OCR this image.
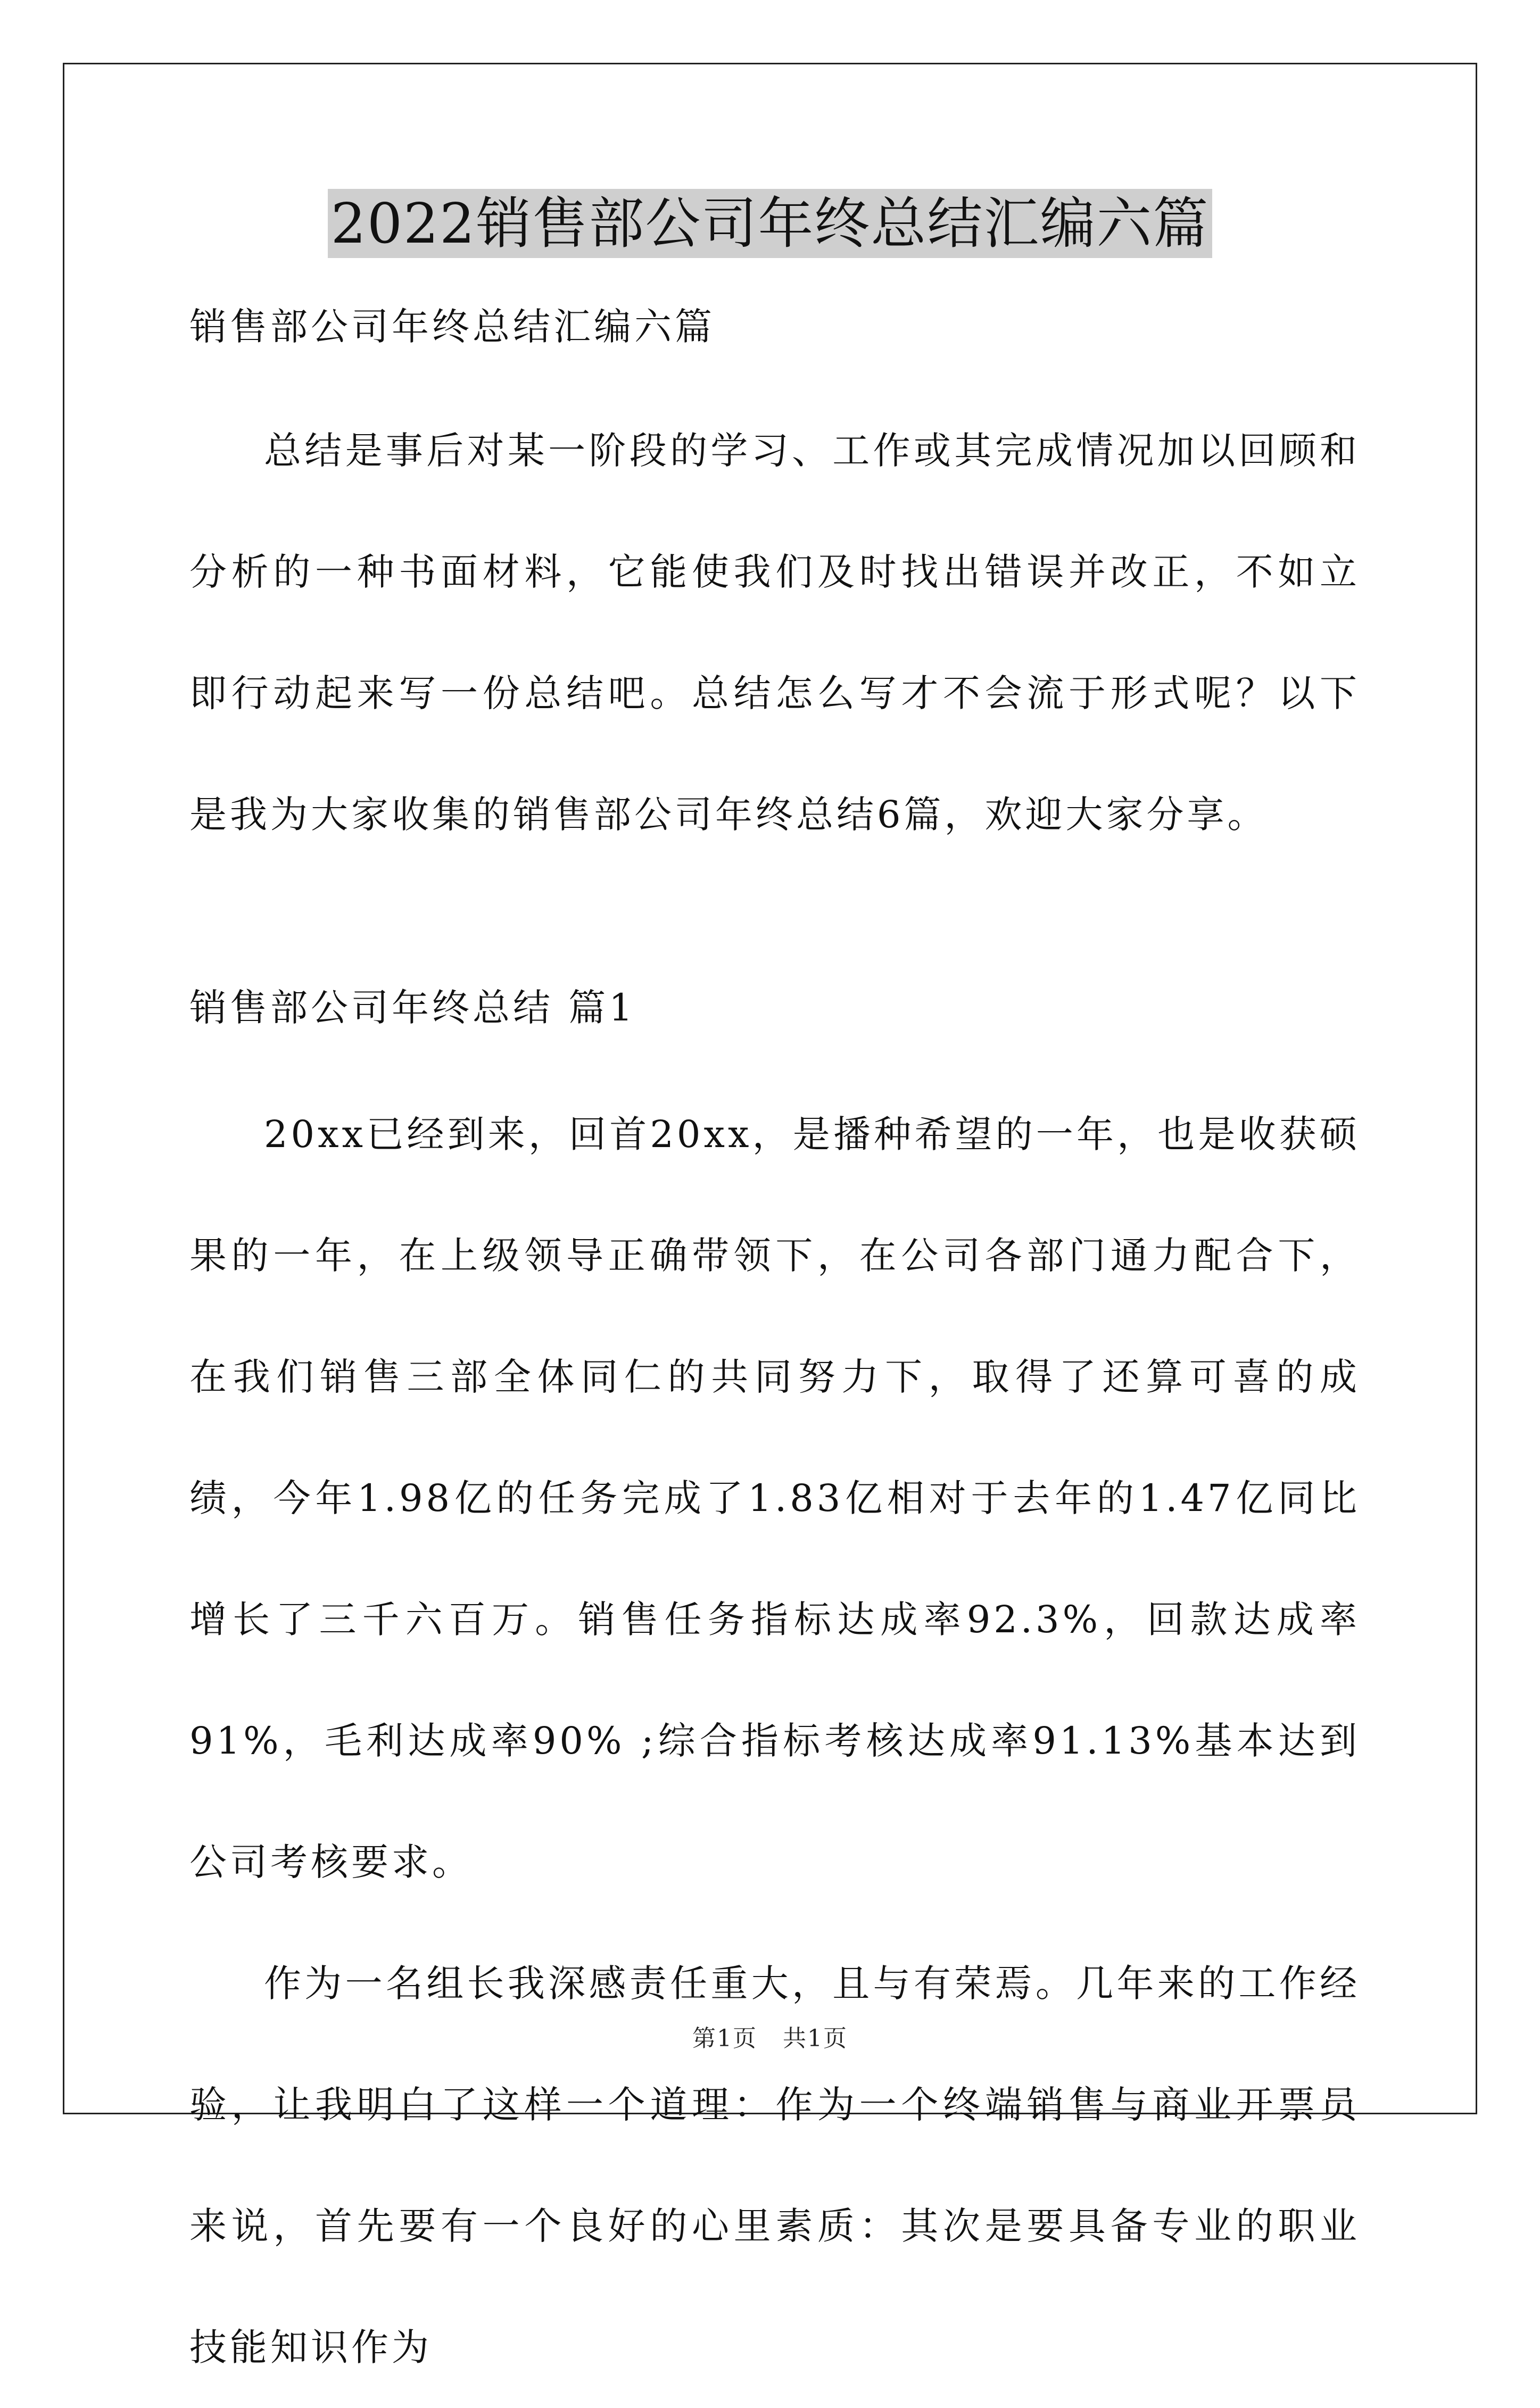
2022销售部公司年终总结汇编六篇
销售部公司年终总结汇编六篇

总结是事后对某一阶段的学习、工作或其完成情况加以回顾和分析的一种书面材料，它能使我们及时找出错误并改正，不如立即行动起来写一份总结吧。总结怎么写才不会流于形式呢？以下是我为大家收集的销售部公司年终总结6篇，欢迎大家分享。

销售部公司年终总结 篇1

20xx已经到来，回首20xx，是播种希望的一年，也是收获硕果的一年，在上级领导正确带领下，在公司各部门通力配合下，在我们销售三部全体同仁的共同努力下，取得了还算可喜的成绩，今年1.98亿的任务完成了1.83亿相对于去年的1.47亿同比增长了三千六百万。销售任务指标达成率92.3%，回款达成率91%，毛利达成率90% ;综合指标考核达成率91.13%基本达到公司考核要求。

作为一名组长我深感责任重大，且与有荣焉。几年来的工作经验，让我明白了这样一个道理：作为一个终端销售与商业开票员来说，首先要有一个良好的心里素质：其次是要具备专业的职业技能知识作为

第1页 共1页
